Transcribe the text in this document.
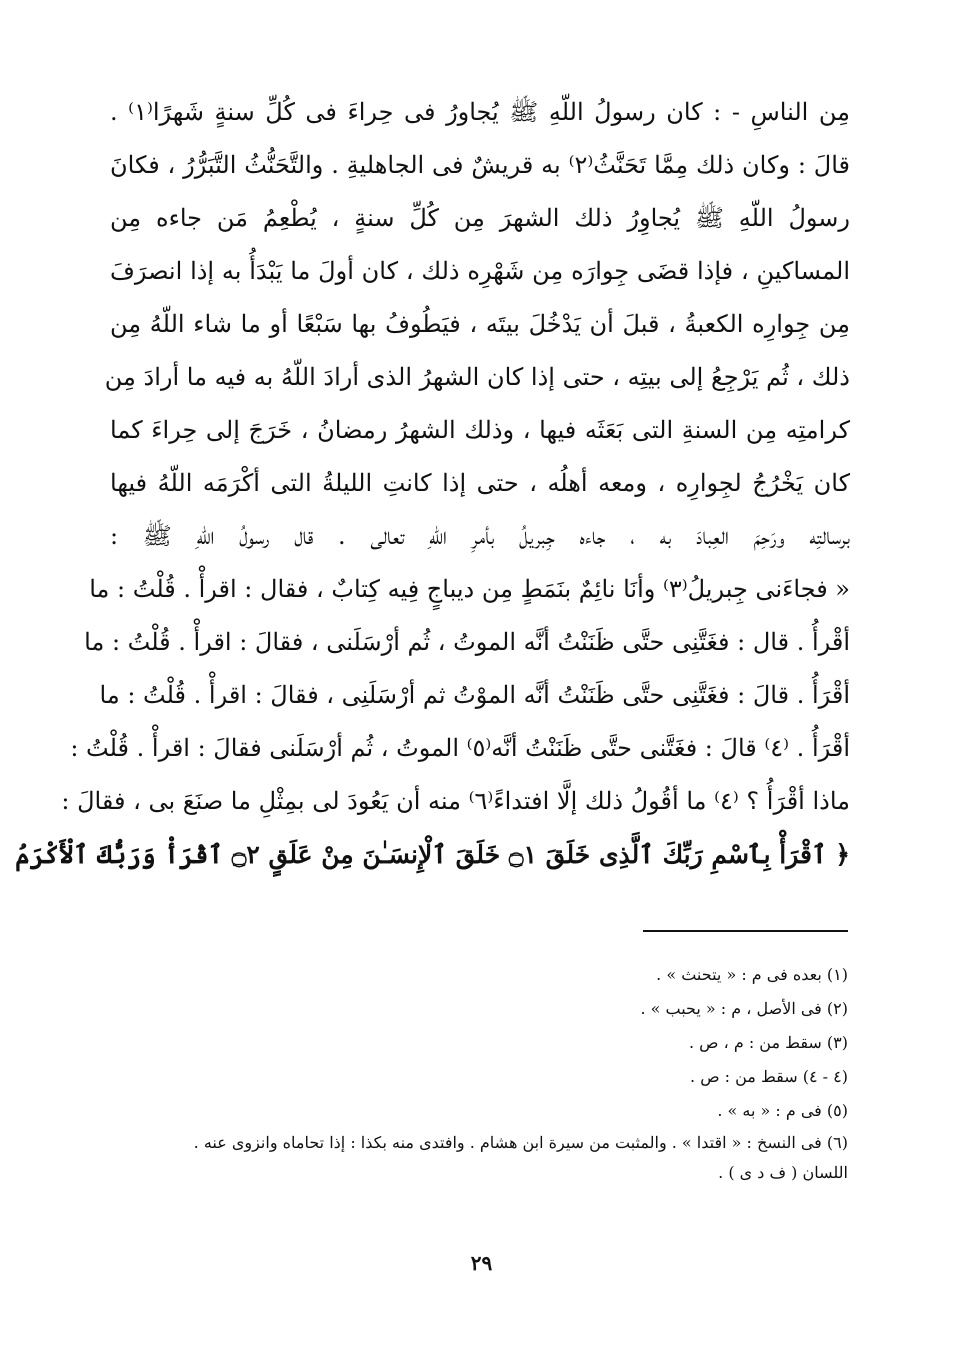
مِن الناسِ - : كان رسولُ اللّهِ ﷺ يُجاورُ فى حِراءَ فى كُلِّ سنةٍ شَهرًا⁽١⁾ .
قالَ : وكان ذلك مِمَّا تَحَنَّثُ⁽٢⁾ به قريشٌ فى الجاهليةِ . والتَّحَنُّثُ التَّبَرُّرُ ، فكانَ
رسولُ اللّهِ ﷺ يُجاوِرُ ذلك الشهرَ مِن كُلِّ سنةٍ ، يُطْعِمُ مَن جاءه مِن
المساكينِ ، فإذا قضَى جِوارَه مِن شَهْرِه ذلك ، كان أولَ ما يَبْدَأُ به إذا انصرَفَ
مِن جِوارِه الكعبةُ ، قبلَ أن يَدْخُلَ بيتَه ، فيَطُوفُ بها سَبْعًا أو ما شاء اللّهُ مِن
ذلك ، ثُم يَرْجِعُ إلى بيتِه ، حتى إذا كان الشهرُ الذى أرادَ اللّهُ به فيه ما أرادَ مِن
كرامتِه مِن السنةِ التى بَعَثَه فيها ، وذلك الشهرُ رمضانُ ، خَرَجَ إلى حِراءَ كما
كان يَخْرُجُ لجِوارِه ، ومعه أهلُه ، حتى إذا كانتِ الليلةُ التى أكْرَمَه اللّهُ فيها
برسالتِه ورَحِمَ العِبادَ به ، جاءه جِبريلُ بأمرِ اللّهِ تعالى . قال رسولُ اللّهِ ﷺ :
« فجاءَنى جِبريلُ⁽٣⁾ وأنَا نائِمٌ بنَمَطٍ مِن ديباجٍ فِيه كِتابٌ ، فقال : اقرأْ . قُلْتُ : ما
أقْرأُ . قال : فغَتَّنِى حتَّى ظَنَنْتُ أنَّه الموتُ ، ثُم أرْسَلَنى ، فقالَ : اقرأْ . قُلْتُ : ما
أقْرَأُ . قالَ : فغَتَّنِى حتَّى ظَنَنْتُ أنَّه الموْتُ ثم أرْسَلَنِى ، فقالَ : اقرأْ . قُلْتُ : ما
أقْرَأُ . ⁽٤⁾ قالَ : فغَتَّنى حتَّى ظَنَنْتُ أنَّه⁽٥⁾ الموتُ ، ثُم أرْسَلَنى فقالَ : اقرأْ . قُلْتُ :
ماذا أقْرَأُ ؟ ⁽٤⁾ ما أقُولُ ذلك إلَّا افتداءً⁽٦⁾ منه أن يَعُودَ لى بمِثْلِ ما صنَعَ بى ، فقالَ :
﴿ ٱقْرَأْ بِٱسْمِ رَبِّكَ ٱلَّذِى خَلَقَ ۝١ خَلَقَ ٱلْإِنسَـٰنَ مِنْ عَلَقٍ ۝٢ ٱقْرَأْ وَرَبُّكَ ٱلْأَكْرَمُ
(١) بعده فى م : « يتحنث » .
(٢) فى الأصل ، م : « يحبب » .
(٣) سقط من : م ، ص .
(٤ - ٤) سقط من : ص .
(٥) فى م : « به » .
(٦) فى النسخ : « اقتدا » . والمثبت من سيرة ابن هشام . وافتدى منه بكذا : إذا تحاماه وانزوى عنه .
اللسان ( ف د ى ) .
٢٩
